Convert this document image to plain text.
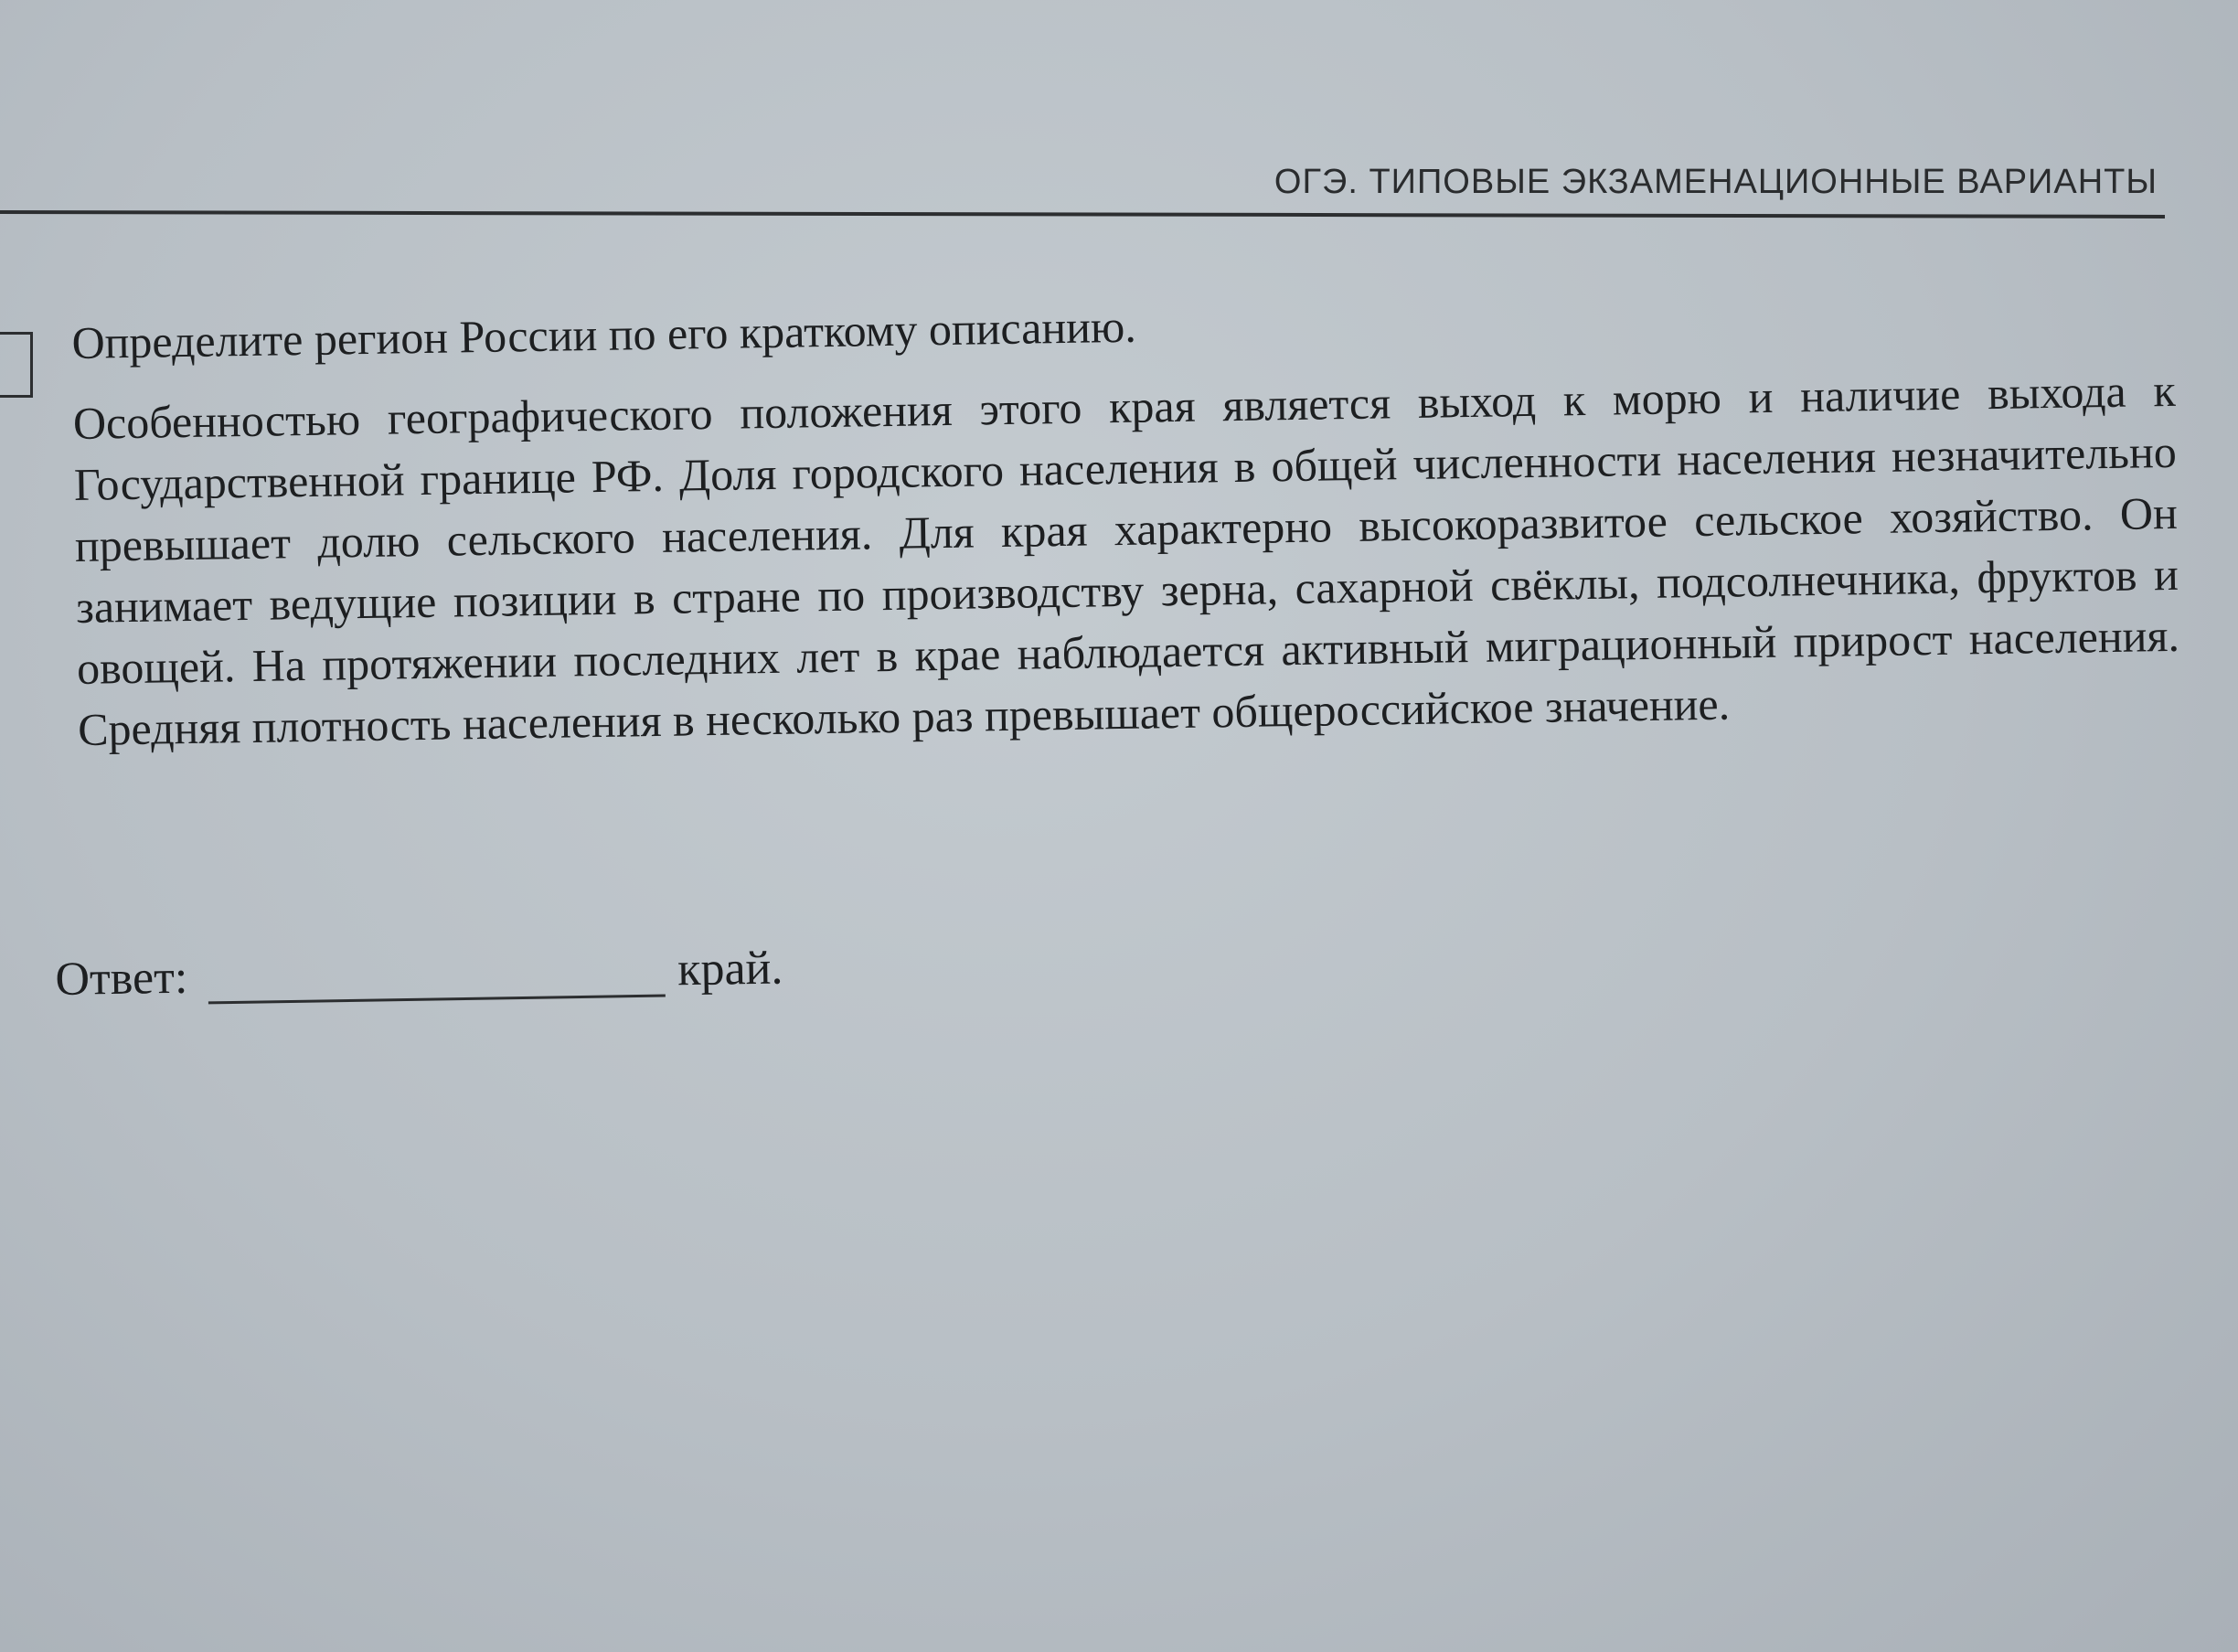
ОГЭ. ТИПОВЫЕ ЭКЗАМЕНАЦИОННЫЕ ВАРИАНТЫ

Определите регион России по его краткому описанию.

Особенностью географического положения этого края является выход к морю и наличие выхода к Государственной границе РФ. Доля городского населения в общей численности населения незначительно превышает долю сельского населения. Для края характерно высокоразвитое сельское хозяйство. Он занимает ведущие позиции в стране по производству зерна, сахарной свёклы, подсолнечника, фруктов и овощей. На протяжении последних лет в крае наблюдается активный миграционный прирост населения. Средняя плотность населения в несколько раз превышает общероссийское значение.

Ответ:	край.
